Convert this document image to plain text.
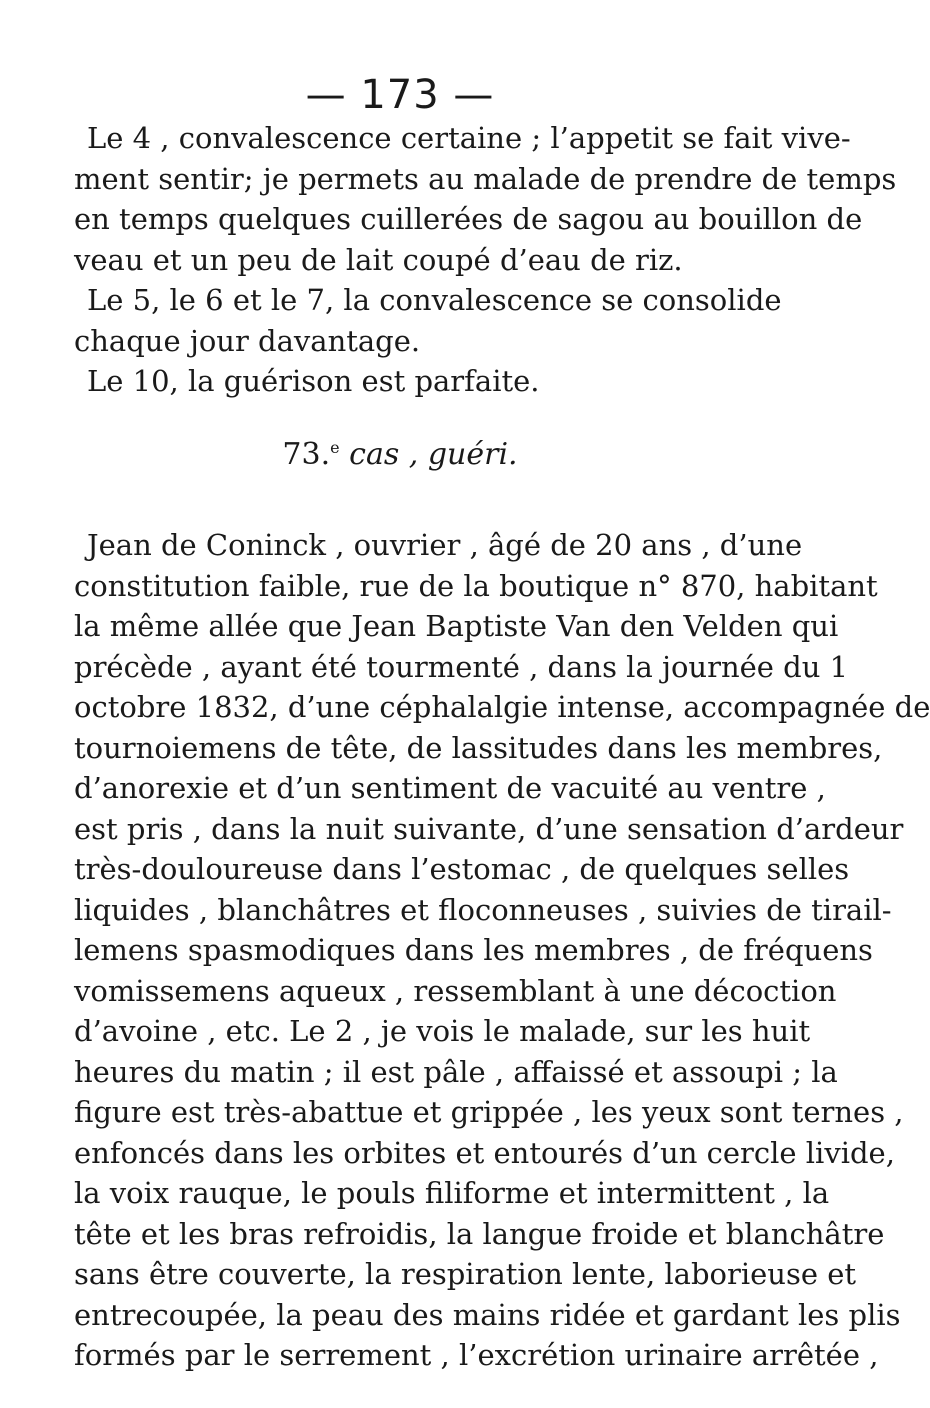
— 173 —
Le 4 , convalescence certaine ; l’appetit se fait vive-
ment sentir; je permets au malade de prendre de temps
en temps quelques cuillerées de sagou au bouillon de
veau et un peu de lait coupé d’eau de riz.
Le 5, le 6 et le 7, la convalescence se consolide
chaque jour davantage.
Le 10, la guérison est parfaite.
73.$^e$ cas , guéri.
Jean de Coninck , ouvrier , âgé de 20 ans , d’une
constitution faible, rue de la boutique n° 870, habitant
la même allée que Jean Baptiste Van den Velden qui
précède , ayant été tourmenté , dans la journée du 1
octobre 1832, d’une céphalalgie intense, accompagnée de
tournoiemens de tête, de lassitudes dans les membres,
d’anorexie et d’un sentiment de vacuité au ventre ,
est pris , dans la nuit suivante, d’une sensation d’ardeur
très-douloureuse dans l’estomac , de quelques selles
liquides , blanchâtres et floconneuses , suivies de tirail-
lemens spasmodiques dans les membres , de fréquens
vomissemens aqueux , ressemblant à une décoction
d’avoine , etc. Le 2 , je vois le malade, sur les huit
heures du matin ; il est pâle , affaissé et assoupi ; la
figure est très-abattue et grippée , les yeux sont ternes ,
enfoncés dans les orbites et entourés d’un cercle livide,
la voix rauque, le pouls filiforme et intermittent , la
tête et les bras refroidis, la langue froide et blanchâtre
sans être couverte, la respiration lente, laborieuse et
entrecoupée, la peau des mains ridée et gardant les plis
formés par le serrement , l’excrétion urinaire arrêtée ,
